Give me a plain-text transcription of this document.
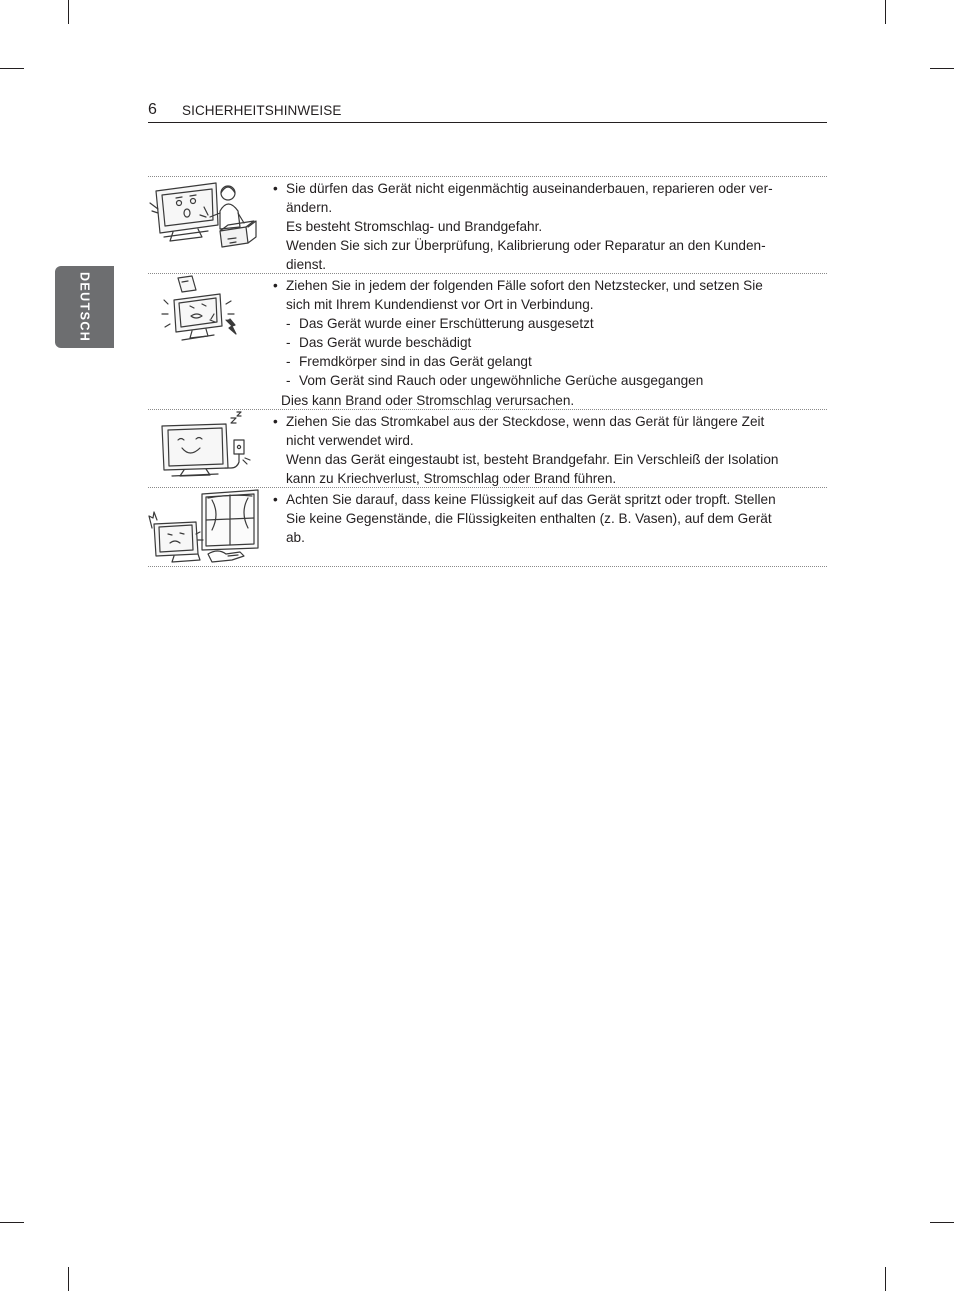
6 SICHERHEITSHINWEISE
DEUTSCH
• Sie dürfen das Gerät nicht eigenmächtig auseinanderbauen, reparieren oder ver-
ändern.
Es besteht Stromschlag- und Brandgefahr.
Wenden Sie sich zur Überprüfung, Kalibrierung oder Reparatur an den Kunden-
dienst.
• Ziehen Sie in jedem der folgenden Fälle sofort den Netzstecker, und setzen Sie
sich mit Ihrem Kundendienst vor Ort in Verbindung.
- Das Gerät wurde einer Erschütterung ausgesetzt
- Das Gerät wurde beschädigt
- Fremdkörper sind in das Gerät gelangt
- Vom Gerät sind Rauch oder ungewöhnliche Gerüche ausgegangen
Dies kann Brand oder Stromschlag verursachen.
• Ziehen Sie das Stromkabel aus der Steckdose, wenn das Gerät für längere Zeit
nicht verwendet wird.
Wenn das Gerät eingestaubt ist, besteht Brandgefahr. Ein Verschleiß der Isolation
kann zu Kriechverlust, Stromschlag oder Brand führen.
• Achten Sie darauf, dass keine Flüssigkeit auf das Gerät spritzt oder tropft. Stellen
Sie keine Gegenstände, die Flüssigkeiten enthalten (z. B. Vasen), auf dem Gerät
ab.
